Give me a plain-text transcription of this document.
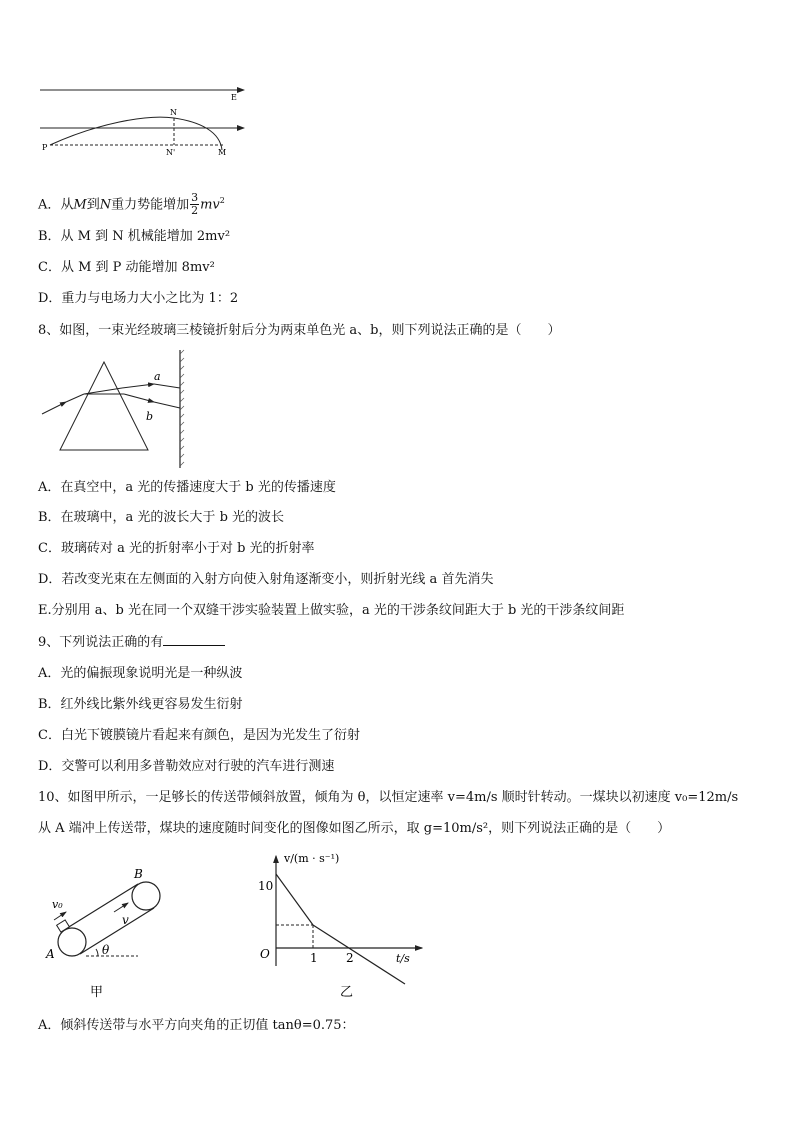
E
N
N'
P
M
A．从M到N重力势能增加 $\frac{3}{2} mv^2$
B．从 M 到 N 机械能增加 2mv²
C．从 M 到 P 动能增加 8mv²
D．重力与电场力大小之比为 1：2
8、如图，一束光经玻璃三棱镜折射后分为两束单色光 a、b，则下列说法正确的是（　　）
a
b
A．在真空中，a 光的传播速度大于 b 光的传播速度
B．在玻璃中，a 光的波长大于 b 光的波长
C．玻璃砖对 a 光的折射率小于对 b 光的折射率
D．若改变光束在左侧面的入射方向使入射角逐渐变小，则折射光线 a 首先消失
E.分别用 a、b 光在同一个双缝干涉实验装置上做实验，a 光的干涉条纹间距大于 b 光的干涉条纹间距
9、下列说法正确的有
A．光的偏振现象说明光是一种纵波
B．红外线比紫外线更容易发生衍射
C．白光下镀膜镜片看起来有颜色，是因为光发生了衍射
D．交警可以利用多普勒效应对行驶的汽车进行测速
10、如图甲所示，一足够长的传送带倾斜放置，倾角为 θ，以恒定速率 v=4m/s 顺时针转动。一煤块以初速度 v₀=12m/s
从 A 端冲上传送带，煤块的速度随时间变化的图像如图乙所示，取 g=10m/s²，则下列说法正确的是（　　）
B
v₀
v
A	θ
甲
v/(m · s⁻¹)
10
O	1 2	t/s
乙
A．倾斜传送带与水平方向夹角的正切值 tanθ=0.75：
